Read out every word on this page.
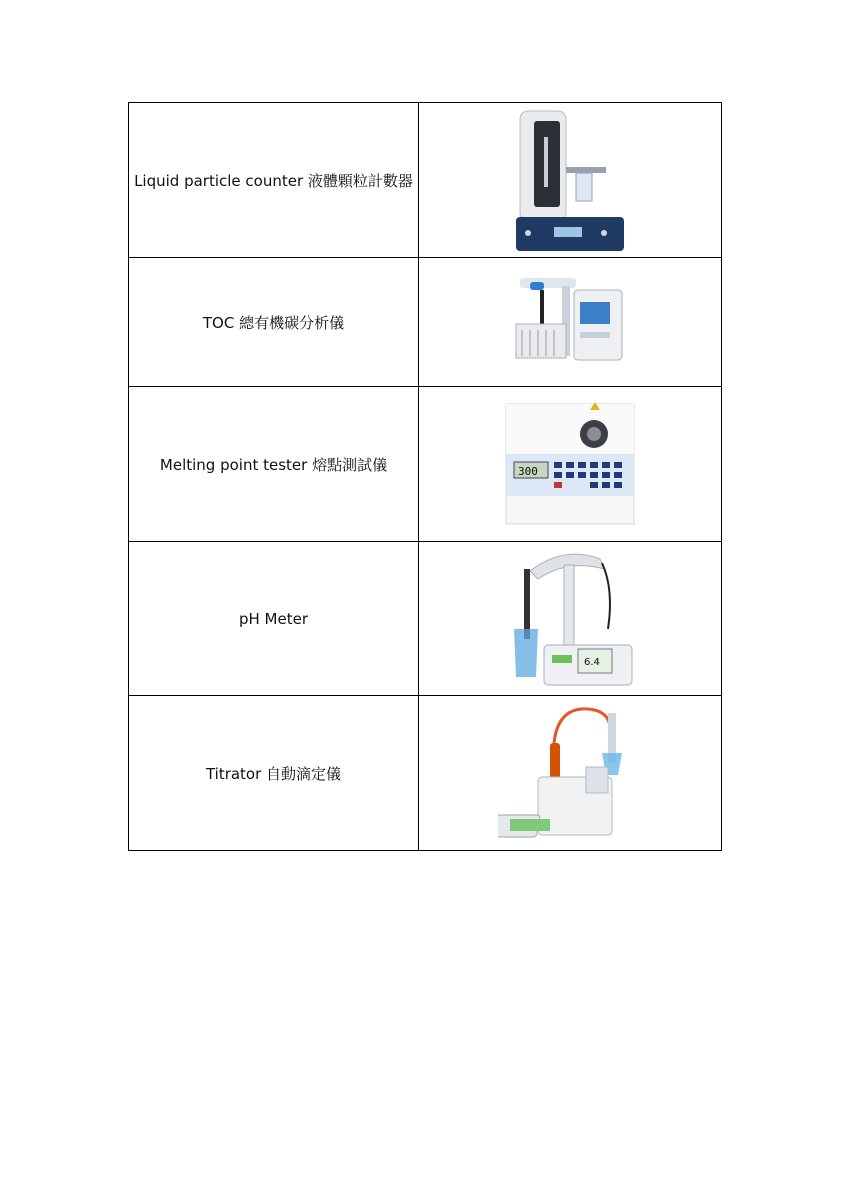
Liquid particle counter 液體顆粒計數器	

TOC 總有機碳分析儀	

Melting point tester 熔點測試儀	300

pH Meter	6.4

Titrator 自動滴定儀	
